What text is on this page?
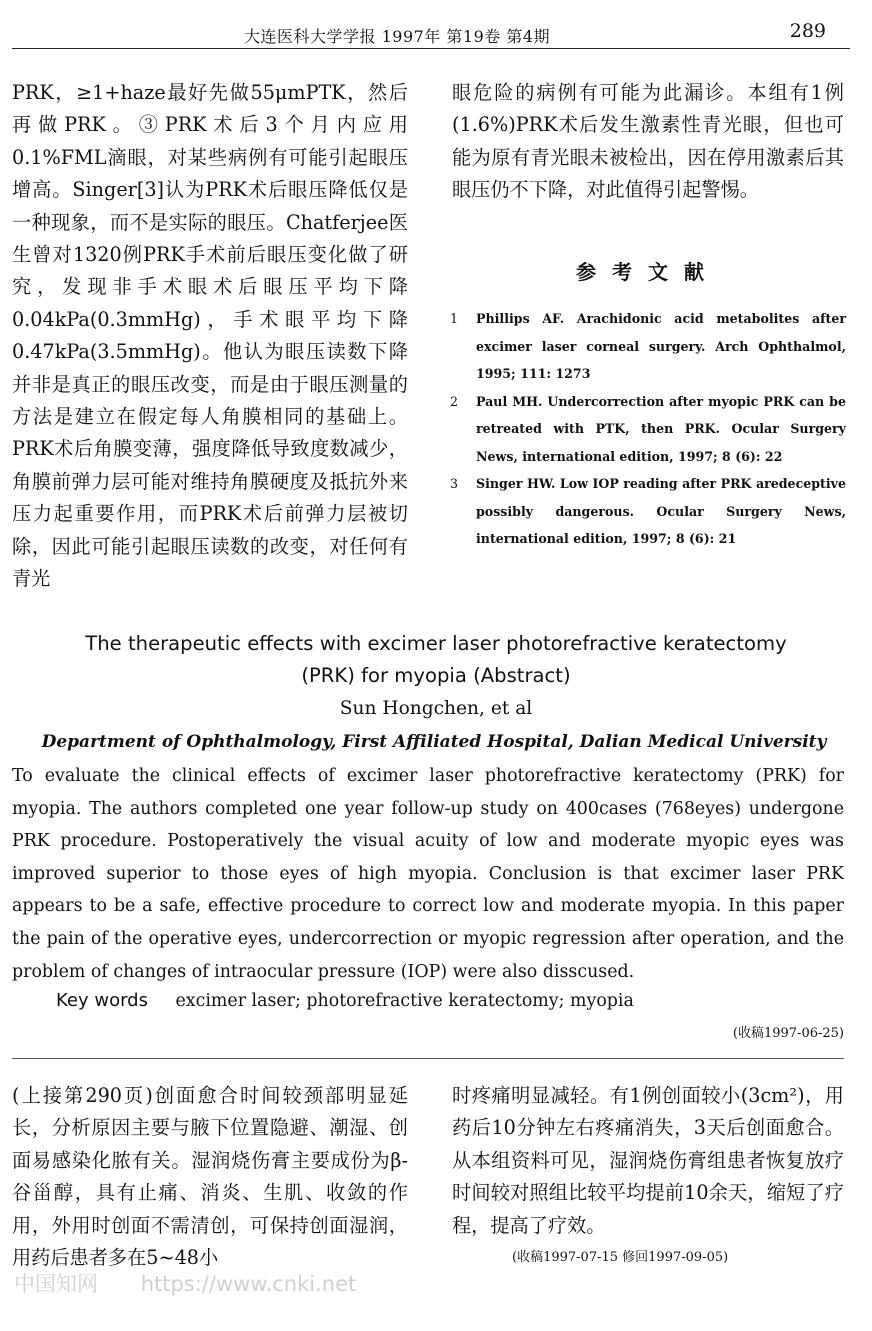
大连医科大学学报 1997年 第19卷 第4期	289

PRK，≥1+haze最好先做55μmPTK，然后再做PRK。③PRK术后3个月内应用0.1%FML滴眼，对某些病例有可能引起眼压增高。Singer[3]认为PRK术后眼压降低仅是一种现象，而不是实际的眼压。Chatferjee医生曾对1320例PRK手术前后眼压变化做了研究，发现非手术眼术后眼压平均下降0.04kPa(0.3mmHg)，手术眼平均下降0.47kPa(3.5mmHg)。他认为眼压读数下降并非是真正的眼压改变，而是由于眼压测量的方法是建立在假定每人角膜相同的基础上。PRK术后角膜变薄，强度降低导致度数减少，角膜前弹力层可能对维持角膜硬度及抵抗外来压力起重要作用，而PRK术后前弹力层被切除，因此可能引起眼压读数的改变，对任何有青光

眼危险的病例有可能为此漏诊。本组有1例(1.6%)PRK术后发生激素性青光眼，但也可能为原有青光眼未被检出，因在停用激素后其眼压仍不下降，对此值得引起警惕。

参考文献
1	Phillips AF. Arachidonic acid metabolites after excimer laser corneal surgery. Arch Ophthalmol, 1995; 111: 1273
2	Paul MH. Undercorrection after myopic PRK can be retreated with PTK, then PRK. Ocular Surgery News, international edition, 1997; 8 (6): 22
3	Singer HW. Low IOP reading after PRK aredeceptive possibly dangerous. Ocular Surgery News, international edition, 1997; 8 (6): 21
The therapeutic effects with excimer laser photorefractive keratectomy
(PRK) for myopia (Abstract)
Sun Hongchen, et al
Department of Ophthalmology, First Affiliated Hospital, Dalian Medical University
To evaluate the clinical effects of excimer laser photorefractive keratectomy (PRK) for myopia. The authors completed one year follow-up study on 400cases (768eyes) undergone PRK procedure. Postoperatively the visual acuity of low and moderate myopic eyes was improved superior to those eyes of high myopia. Conclusion is that excimer laser PRK appears to be a safe, effective procedure to correct low and moderate myopia. In this paper the pain of the operative eyes, undercorrection or myopic regression after operation, and the problem of changes of intraocular pressure (IOP) were also disscused.
Key words excimer laser; photorefractive keratectomy; myopia
(收稿1997-06-25)

(上接第290页)创面愈合时间较颈部明显延长，分析原因主要与腋下位置隐避、潮湿、创面易感染化脓有关。湿润烧伤膏主要成份为β-谷甾醇，具有止痛、消炎、生肌、收敛的作用，外用时创面不需清创，可保持创面湿润，用药后患者多在5~48小

时疼痛明显减轻。有1例创面较小(3cm²)，用药后10分钟左右疼痛消失，3天后创面愈合。从本组资料可见，湿润烧伤膏组患者恢复放疗时间较对照组比较平均提前10余天，缩短了疗程，提高了疗效。

(收稿1997-07-15 修回1997-09-05)
中国知网 https://www.cnki.net
